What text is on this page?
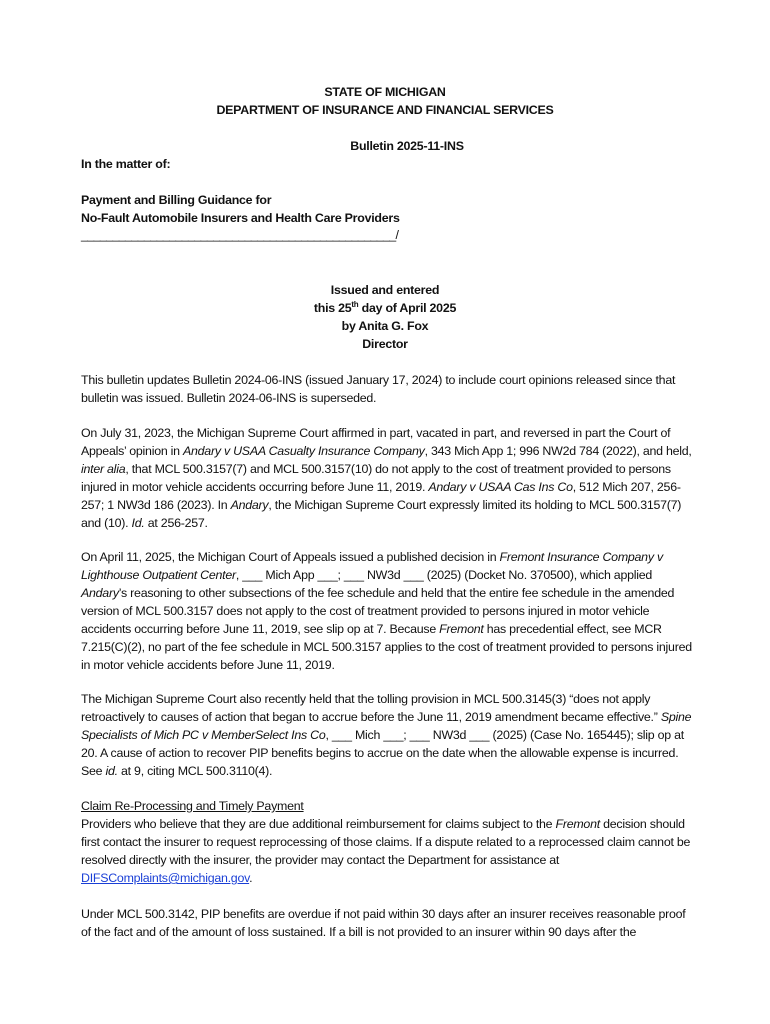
STATE OF MICHIGAN
DEPARTMENT OF INSURANCE AND FINANCIAL SERVICES
Bulletin 2025-11-INS
In the matter of:
Payment and Billing Guidance for
No-Fault Automobile Insurers and Health Care Providers
__________________________________________________/
Issued and entered
this 25th day of April 2025
by Anita G. Fox
Director

This bulletin updates Bulletin 2024-06-INS (issued January 17, 2024) to include court opinions released since that bulletin was issued. Bulletin 2024-06-INS is superseded.

On July 31, 2023, the Michigan Supreme Court affirmed in part, vacated in part, and reversed in part the Court of Appeals’ opinion in Andary v USAA Casualty Insurance Company, 343 Mich App 1; 996 NW2d 784 (2022), and held, inter alia, that MCL 500.3157(7) and MCL 500.3157(10) do not apply to the cost of treatment provided to persons injured in motor vehicle accidents occurring before June 11, 2019. Andary v USAA Cas Ins Co, 512 Mich 207, 256-257; 1 NW3d 186 (2023). In Andary, the Michigan Supreme Court expressly limited its holding to MCL 500.3157(7) and (10). Id. at 256-257.

On April 11, 2025, the Michigan Court of Appeals issued a published decision in Fremont Insurance Company v Lighthouse Outpatient Center, ___ Mich App ___; ___ NW3d ___ (2025) (Docket No. 370500), which applied Andary’s reasoning to other subsections of the fee schedule and held that the entire fee schedule in the amended version of MCL 500.3157 does not apply to the cost of treatment provided to persons injured in motor vehicle accidents occurring before June 11, 2019, see slip op at 7. Because Fremont has precedential effect, see MCR 7.215(C)(2), no part of the fee schedule in MCL 500.3157 applies to the cost of treatment provided to persons injured in motor vehicle accidents before June 11, 2019.

The Michigan Supreme Court also recently held that the tolling provision in MCL 500.3145(3) “does not apply retroactively to causes of action that began to accrue before the June 11, 2019 amendment became effective.” Spine Specialists of Mich PC v MemberSelect Ins Co, ___ Mich ___; ___ NW3d ___ (2025) (Case No. 165445); slip op at 20. A cause of action to recover PIP benefits begins to accrue on the date when the allowable expense is incurred. See id. at 9, citing MCL 500.3110(4).

Claim Re-Processing and Timely Payment

Providers who believe that they are due additional reimbursement for claims subject to the Fremont decision should first contact the insurer to request reprocessing of those claims. If a dispute related to a reprocessed claim cannot be resolved directly with the insurer, the provider may contact the Department for assistance at DIFSComplaints@michigan.gov.

Under MCL 500.3142, PIP benefits are overdue if not paid within 30 days after an insurer receives reasonable proof of the fact and of the amount of loss sustained. If a bill is not provided to an insurer within 90 days after the
